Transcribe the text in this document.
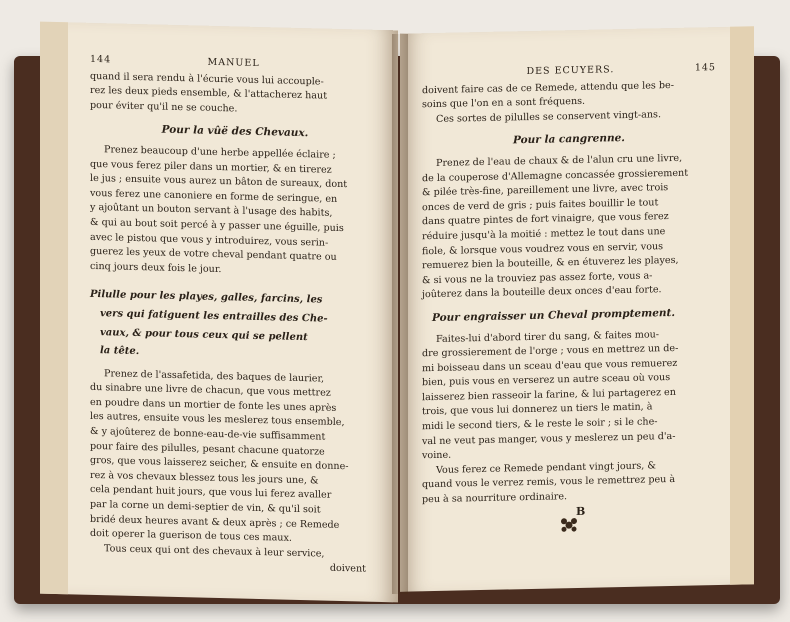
144	MANUEL
quand il sera rendu à l'écurie vous lui accouple-
rez les deux pieds ensemble, & l'attacherez haut
pour éviter qu'il ne se couche.
Pour la vûë des Chevaux.
Prenez beaucoup d'une herbe appellée éclaire ;
que vous ferez piler dans un mortier, & en tirerez
le jus ; ensuite vous aurez un bâton de sureaux, dont
vous ferez une canoniere en forme de seringue, en
y ajoûtant un bouton servant à l'usage des habits,
& qui au bout soit percé à y passer une éguille, puis
avec le pistou que vous y introduirez, vous serin-
guerez les yeux de votre cheval pendant quatre ou
cinq jours deux fois le jour.
Pilulle pour les playes, galles, farcins, les
vers qui fatiguent les entrailles des Che-
vaux, & pour tous ceux qui se pellent
la tête.
Prenez de l'assafetida, des baques de laurier,
du sinabre une livre de chacun, que vous mettrez
en poudre dans un mortier de fonte les unes après
les autres, ensuite vous les meslerez tous ensemble,
& y ajoûterez de bonne-eau-de-vie suffisamment
pour faire des pilulles, pesant chacune quatorze
gros, que vous laisserez seicher, & ensuite en donne-
rez à vos chevaux blessez tous les jours une, &
cela pendant huit jours, que vous lui ferez avaller
par la corne un demi-septier de vin, & qu'il soit
bridé deux heures avant & deux après ; ce Remede
doit operer la guerison de tous ces maux.
Tous ceux qui ont des chevaux à leur service,
doivent
DES ECUYERS.	145
doivent faire cas de ce Remede, attendu que les be-
soins que l'on en a sont fréquens.
Ces sortes de pilulles se conservent vingt-ans.
Pour la cangrenne.
Prenez de l'eau de chaux & de l'alun cru une livre,
de la couperose d'Allemagne concassée grossierement
& pilée très-fine, pareillement une livre, avec trois
onces de verd de gris ; puis faites bouillir le tout
dans quatre pintes de fort vinaigre, que vous ferez
réduire jusqu'à la moitié : mettez le tout dans une
fiole, & lorsque vous voudrez vous en servir, vous
remuerez bien la bouteille, & en étuverez les playes,
& si vous ne la trouviez pas assez forte, vous a-
joûterez dans la bouteille deux onces d'eau forte.
Pour engraisser un Cheval promptement.
Faites-lui d'abord tirer du sang, & faites mou-
dre grossierement de l'orge ; vous en mettrez un de-
mi boisseau dans un sceau d'eau que vous remuerez
bien, puis vous en verserez un autre sceau où vous
laisserez bien rasseoir la farine, & lui partagerez en
trois, que vous lui donnerez un tiers le matin, à
midi le second tiers, & le reste le soir ; si le che-
val ne veut pas manger, vous y meslerez un peu d'a-
voine.
Vous ferez ce Remede pendant vingt jours, &
quand vous le verrez remis, vous le remettrez peu à
peu à sa nourriture ordinaire.
B
